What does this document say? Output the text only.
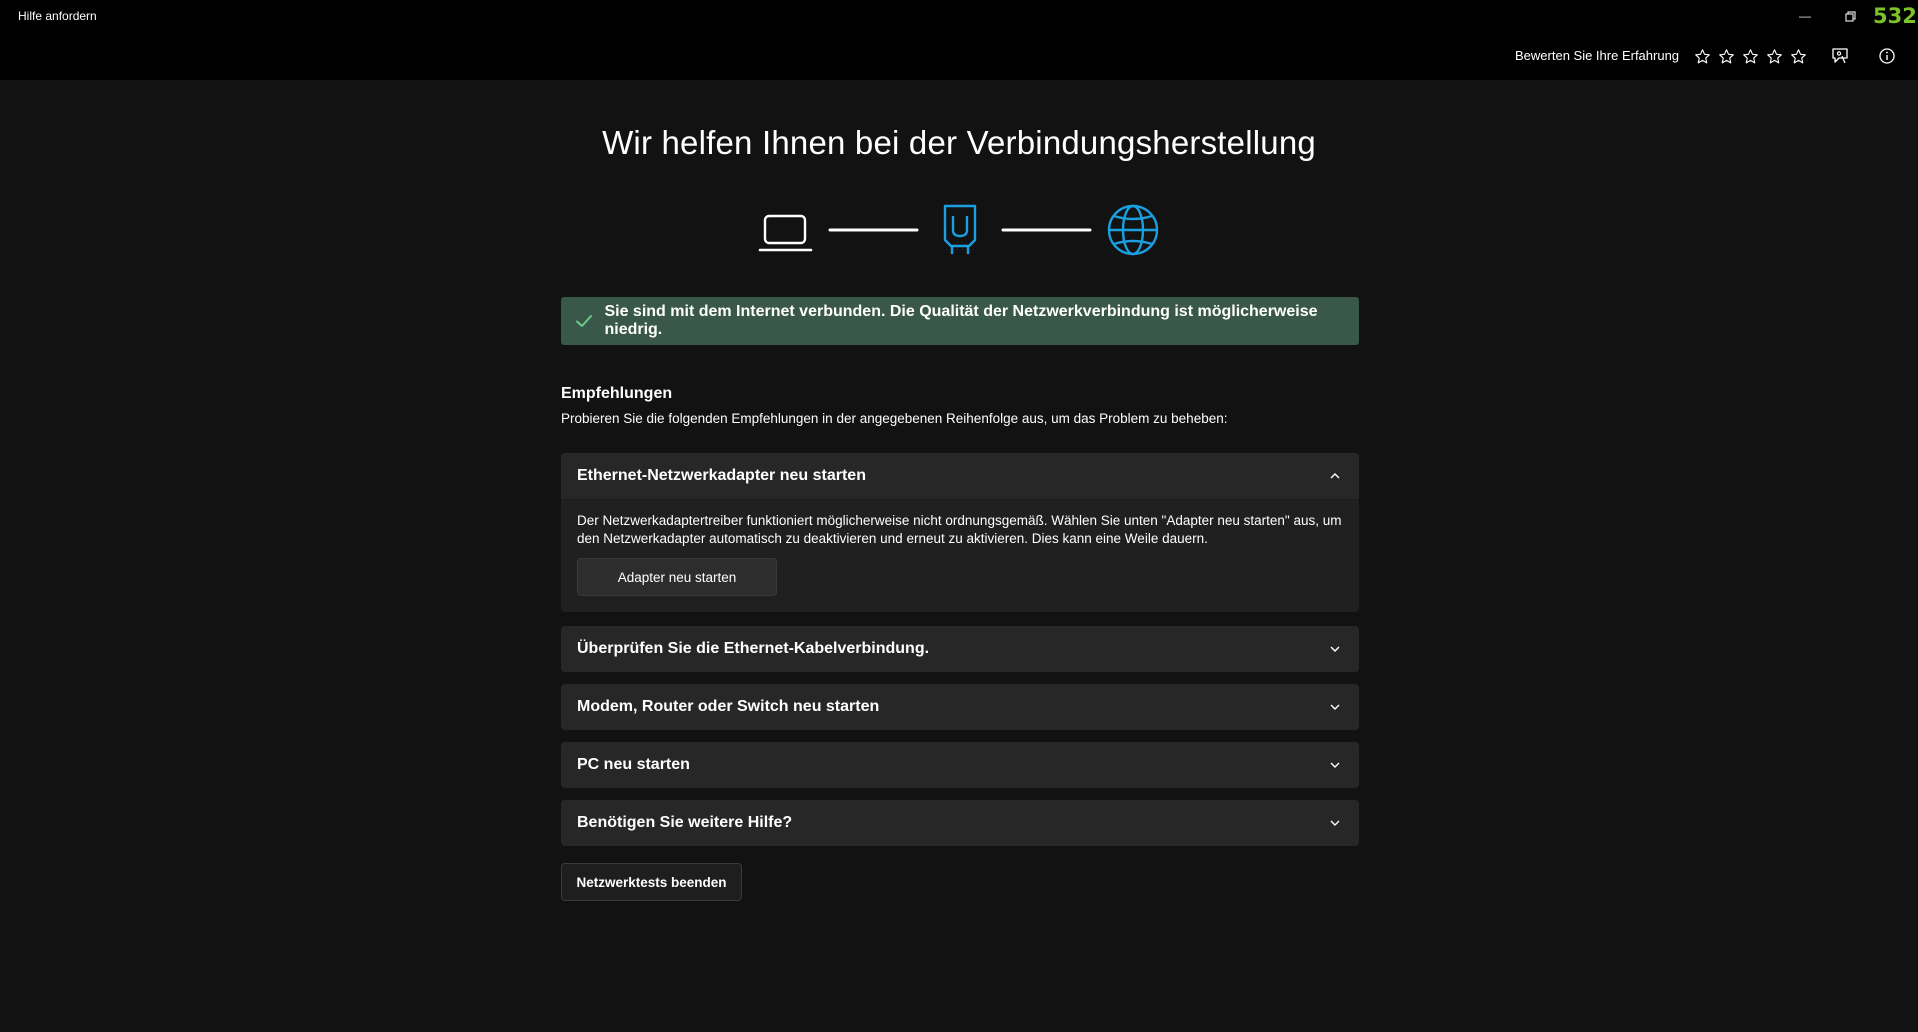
Hilfe anfordern	—	532
Bewerten Sie Ihre Erfahrung
Wir helfen Ihnen bei der Verbindungsherstellung
Sie sind mit dem Internet verbunden. Die Qualität der Netzwerkverbindung ist möglicherweise niedrig.
Empfehlungen
Probieren Sie die folgenden Empfehlungen in der angegebenen Reihenfolge aus, um das Problem zu beheben:
Ethernet-Netzwerkadapter neu starten
Der Netzwerkadaptertreiber funktioniert möglicherweise nicht ordnungsgemäß. Wählen Sie unten "Adapter neu starten" aus, um den Netzwerkadapter automatisch zu deaktivieren und erneut zu aktivieren. Dies kann eine Weile dauern.
Adapter neu starten
Überprüfen Sie die Ethernet-Kabelverbindung.
Modem, Router oder Switch neu starten
PC neu starten
Benötigen Sie weitere Hilfe?
Netzwerktests beenden
